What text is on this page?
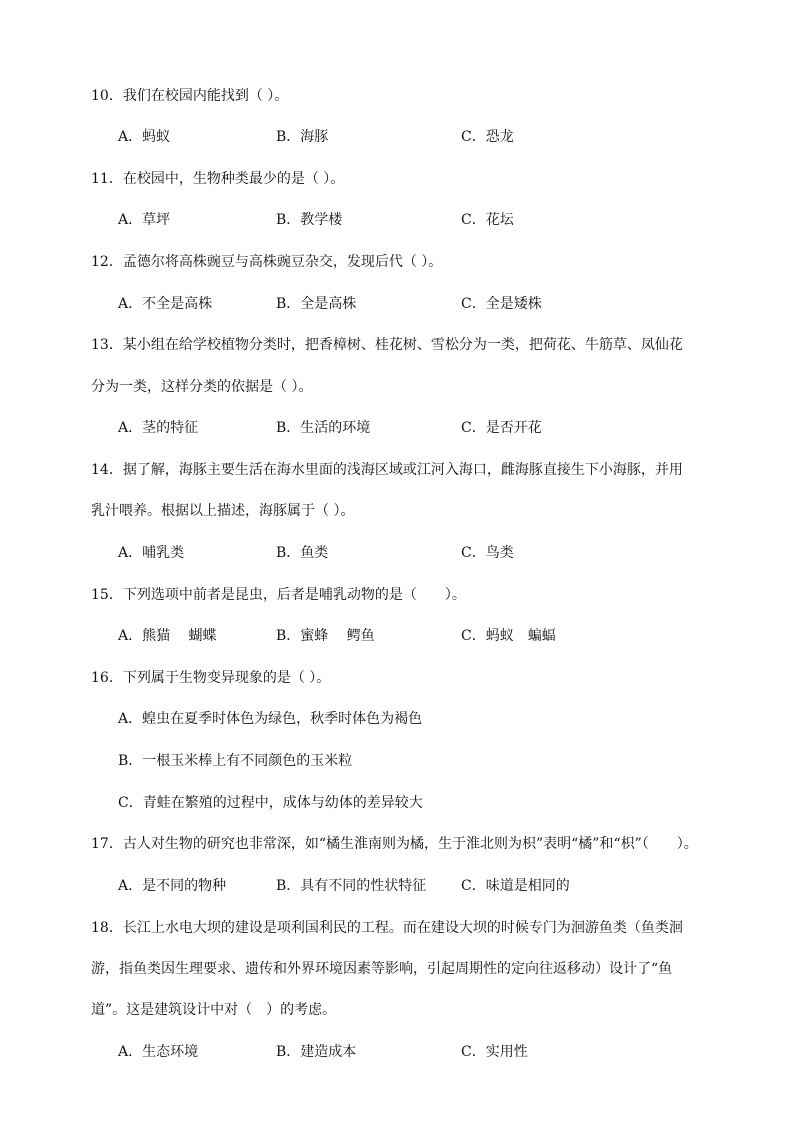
10．我们在校园内能找到（ ）。
A．蚂蚁	B．海豚	C．恐龙
11．在校园中，生物种类最少的是（ ）。
A．草坪	B．教学楼	C．花坛
12．孟德尔将高株豌豆与高株豌豆杂交，发现后代（ ）。
A．不全是高株	B．全是高株	C．全是矮株
13．某小组在给学校植物分类时，把香樟树、桂花树、雪松分为一类，把荷花、牛筋草、凤仙花
分为一类，这样分类的依据是（ ）。
A．茎的特征	B．生活的环境	C．是否开花
14．据了解，海豚主要生活在海水里面的浅海区域或江河入海口，雌海豚直接生下小海豚，并用
乳汁喂养。根据以上描述，海豚属于（ ）。
A．哺乳类	B．鱼类	C．鸟类
15．下列选项中前者是昆虫，后者是哺乳动物的是（　　）。
A．熊猫　 蝴蝶	B．蜜蜂　 鳄鱼	C．蚂蚁　蝙蝠
16．下列属于生物变异现象的是（ ）。
A．蝗虫在夏季时体色为绿色，秋季时体色为褐色
B．一根玉米棒上有不同颜色的玉米粒
C．青蛙在繁殖的过程中，成体与幼体的差异较大
17．古人对生物的研究也非常深，如“橘生淮南则为橘，生于淮北则为枳”表明“橘”和“枳”（　　）。
A．是不同的物种	B．具有不同的性状特征 C．味道是相同的
18．长江上水电大坝的建设是项利国利民的工程。而在建设大坝的时候专门为洄游鱼类（鱼类洄
游，指鱼类因生理要求、遗传和外界环境因素等影响，引起周期性的定向往返移动）设计了“鱼
道”。这是建筑设计中对（　）的考虑。
A．生态环境	B．建造成本	C．实用性
